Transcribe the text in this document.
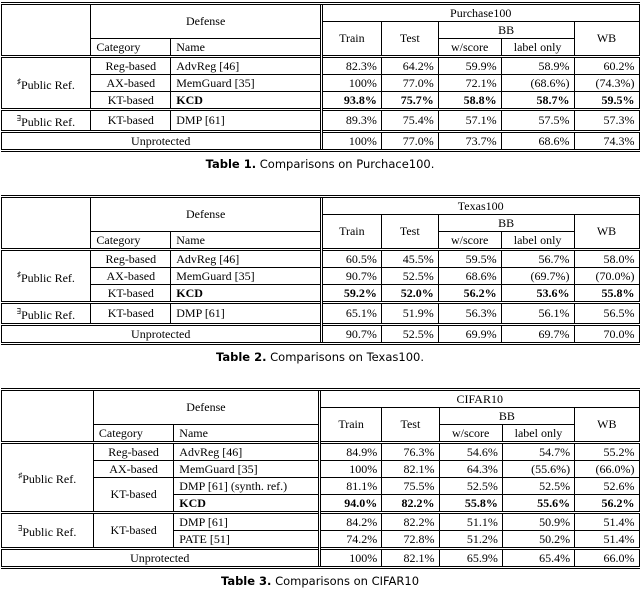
	Defense		Purchase100				
			Train	Test	BB		WB
	Category	Name			w/score	label only	
♯Public Ref.	Reg-based	AdvReg [46]	82.3%	64.2%	59.9%	58.9%	60.2%
	AX-based	MemGuard [35]	100%	77.0%	72.1%	(68.6%)	(74.3%)
	KT-based	KCD	93.8%	75.7%	58.8%	58.7%	59.5%
∃Public Ref.	KT-based	DMP [61]	89.3%	75.4%	57.1%	57.5%	57.3%
Unprotected			100%	77.0%	73.7%	68.6%	74.3%
Table 1. Comparisons on Purchace100.
	Defense		Texas100				
			Train	Test	BB		WB
	Category	Name			w/score	label only	
♯Public Ref.	Reg-based	AdvReg [46]	60.5%	45.5%	59.5%	56.7%	58.0%
	AX-based	MemGuard [35]	90.7%	52.5%	68.6%	(69.7%)	(70.0%)
	KT-based	KCD	59.2%	52.0%	56.2%	53.6%	55.8%
∃Public Ref.	KT-based	DMP [61]	65.1%	51.9%	56.3%	56.1%	56.5%
Unprotected			90.7%	52.5%	69.9%	69.7%	70.0%
Table 2. Comparisons on Texas100.
	Defense		CIFAR10				
			Train	Test	BB		WB
	Category	Name			w/score	label only	
♯Public Ref.	Reg-based	AdvReg [46]	84.9%	76.3%	54.6%	54.7%	55.2%
	AX-based	MemGuard [35]	100%	82.1%	64.3%	(55.6%)	(66.0%)
	KT-based	DMP [61] (synth. ref.)	81.1%	75.5%	52.5%	52.5%	52.6%
		KCD	94.0%	82.2%	55.8%	55.6%	56.2%
∃Public Ref.	KT-based	DMP [61]	84.2%	82.2%	51.1%	50.9%	51.4%
		PATE [51]	74.2%	72.8%	51.2%	50.2%	51.4%
Unprotected			100%	82.1%	65.9%	65.4%	66.0%
Table 3. Comparisons on CIFAR10
